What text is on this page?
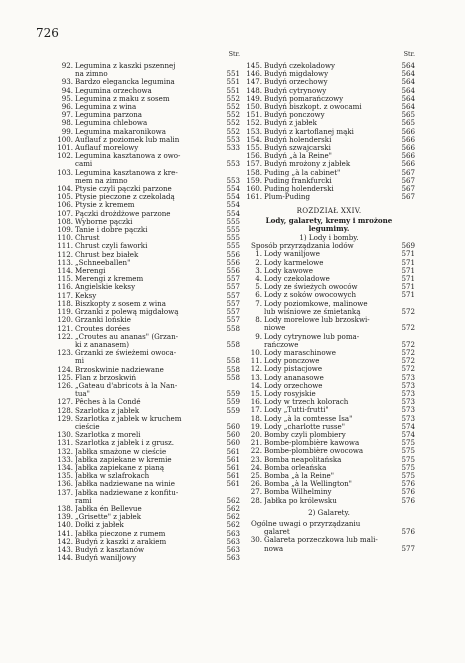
726
Str.
92. Legumina z kaszki pszennej
na zimno	551
93. Bardzo elegancka legumina	551
94. Legumina orzechowa	551
95. Legumina z maku z sosem	552
96. Legumina z wina	552
97. Legumina parzona	552
98. Legumina chlebowa	552
99. Legumina makaronikowa	552
100. Auflauf z poziomek lub malin	553
101. Auflauf morelowy	533
102. Legumina kasztanowa z owo-
cami	553
103. Legumina kasztanowa z kre-
mem na zimno	553
104. Ptysie czyli pączki parzone	554
105. Ptysie pieczone z czekoladą	554
106. Ptysie z kremem	554
107. Pączki drożdżowe parzone	554
108. Wyborne pączki	555
109. Tanie i dobre pączki	555
110. Chrust	555
111. Chrust czyli faworki	555
112. Chrust bez białek	556
113. „Schneeballen"	556
114. Merengi	556
115. Merengi z kremem	557
116. Angielskie keksy	557
117. Keksy	557
118. Biszkopty z sosem z wina	557
119. Grzanki z polewą migdałową	557
120. Grzanki lońskie	557
121. Croutes dorées	558
122. „Croutes au ananas" (Grzan-
ki z ananasem)	558
123. Grzanki ze świeżemi owoca-
mi	558
124. Brzoskwinie nadziewane	558
125. Flan z brzoskwiń	558
126. „Gateau d'abricots à la Nan-
tua"	559
127. Pêches à la Condé	559
128. Szarlotka z jabłek	559
129. Szarlotka z jabłek w kruchem
cieście	560
130. Szarlotka z moreli	560
131. Szarlotka z jabłek i z grusz.	560
132. Jabłka smażone w cieście	561
133. Jabłka zapiekane w kremie	561
134. Jabłka zapiekane z pianą	561
135. Jabłka w szlafrokach	561
136. Jabłka nadziewane na winie	561
137. Jabłka nadziewane z konfitu-
rami	562
138. Jabłka én Bellevue	562
139. „Grisette" z jabłek	562
140. Dołki z jabłek	562
141. Jabłka pieczone z rumem	563
142. Budyń z kaszki z arakiem	563
143. Budyń z kasztanów	563
144. Budyń waniljowy	563
Str.
145. Budyń czekoladowy	564
146. Budyń migdałowy	564
147. Budyń orzechowy	564
148. Budyń cytrynowy	564
149. Budyń pomarańczowy	564
150. Budyń biszkopt. z owocami	564
151. Budyń ponczowy	565
152. Budyń z jabłek	565
153. Budyń z kartoflanej mąki	566
154. Budyń holenderski	566
155. Budyń szwajcarski	566
156. Budyń „à la Reine"	566
157. Budyń mrożony z jabłek	566
158. Puding „à la cabinet"	567
159. Puding frankfurcki	567
160. Puding holenderski	567
161. Plum-Puding	567
ROZDZIAŁ XXIV.
Lody, galarety, kremy i mrożone legumimy.
1) Lody i bomby.
Sposób przyrządzania lodów	569
1. Lody waniljowe	571
2. Lody karmelowe	571
3. Lody kawowe	571
4. Lody czekoladowe	571
5. Lody ze świeżych owoców	571
6. Lody z soków owocowych	571
7. Lody poziomkowe, malinowe
lub wiśniowe ze śmietanką	572
8. Lody morelowe lub brzoskwi-
niowe	572
9. Lody cytrynowe lub poma-
rańczowe	572
10. Lody maraschinowe	572
11. Lody ponczowe	572
12. Lody pistacjowe	572
13. Lody ananasowe	573
14. Lody orzechowe	573
15. Lody rosyjskie	573
16. Lody w trzech kolorach	573
17. Lody „Tutti-frutti"	573
18. Lody „à la comtesse Isa"	573
19. Lody „charlotte russe"	574
20. Bomby czyli plombiery	574
21. Bombe-plombière kawowa	575
22. Bombe-plombière owocowa	575
23. Bomba neapolitańska	575
24. Bomba orleańska	575
25. Bomba „à la Reine"	575
26. Bomba „à la Wellington"	576
27. Bomba Wilhelminy	576
28. Jabłka po królewsku	576
2) Galarety.
Ogólne uwagi o przyrządzaniu
galaret	576
30. Galareta porzeczkowa lub mali-
nowa	577
